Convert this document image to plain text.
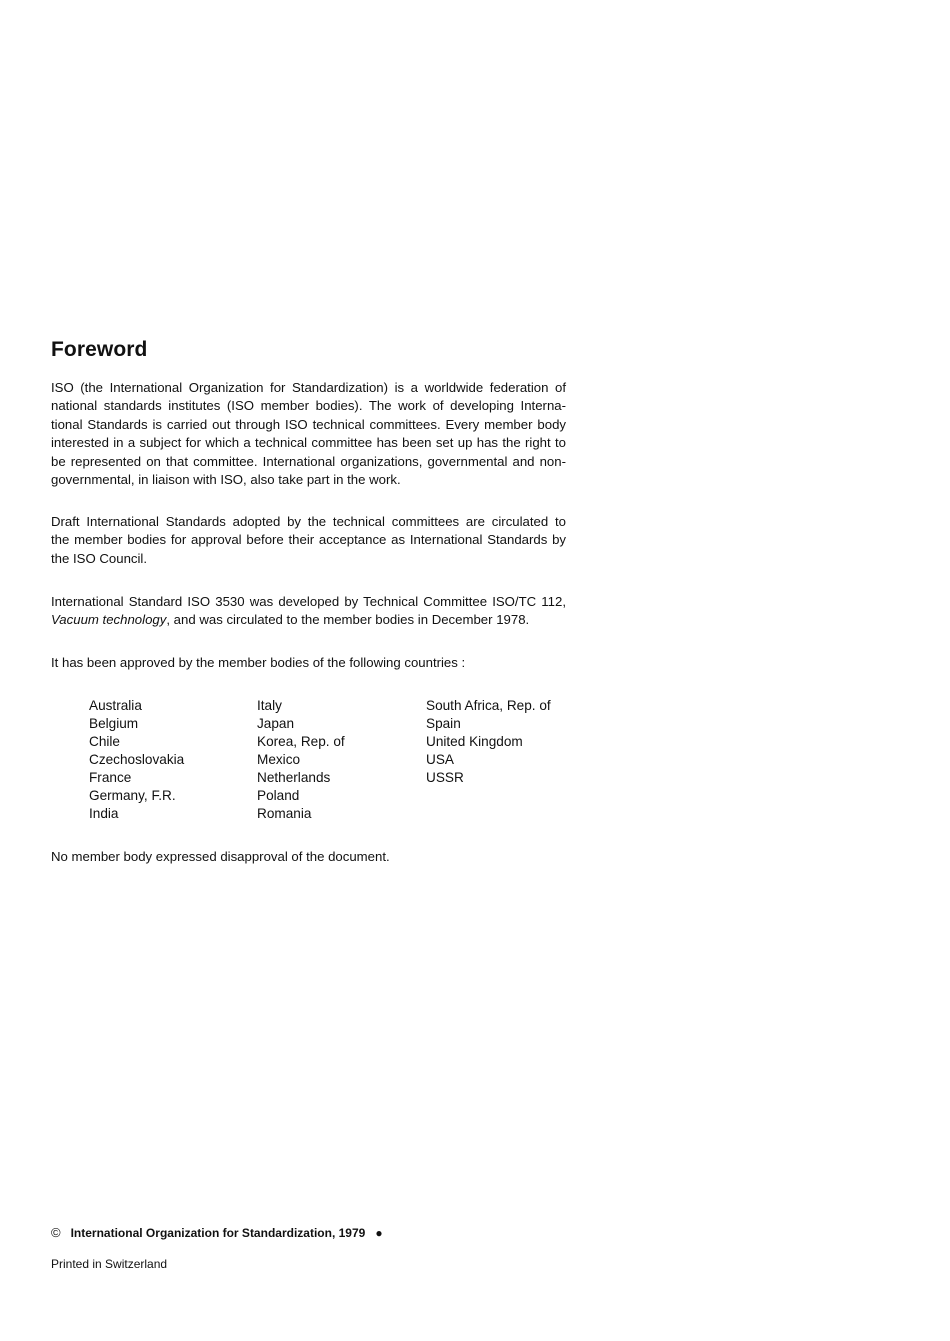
Foreword

ISO (the International Organization for Standardization) is a worldwide federation of
national standards institutes (ISO member bodies). The work of developing Interna-
tional Standards is carried out through ISO technical committees. Every member body
interested in a subject for which a technical committee has been set up has the right to
be represented on that committee. International organizations, governmental and non-
governmental, in liaison with ISO, also take part in the work.

Draft International Standards adopted by the technical committees are circulated to
the member bodies for approval before their acceptance as International Standards by
the ISO Council.

International Standard ISO 3530 was developed by Technical Committee ISO/TC 112,
Vacuum technology, and was circulated to the member bodies in December 1978.

It has been approved by the member bodies of the following countries :

Australia
Belgium
Chile
Czechoslovakia
France
Germany, F.R.
India
Italy
Japan
Korea, Rep. of
Mexico
Netherlands
Poland
Romania
South Africa, Rep. of
Spain
United Kingdom
USA
USSR

No member body expressed disapproval of the document.

© International Organization for Standardization, 1979 ●
Printed in Switzerland
